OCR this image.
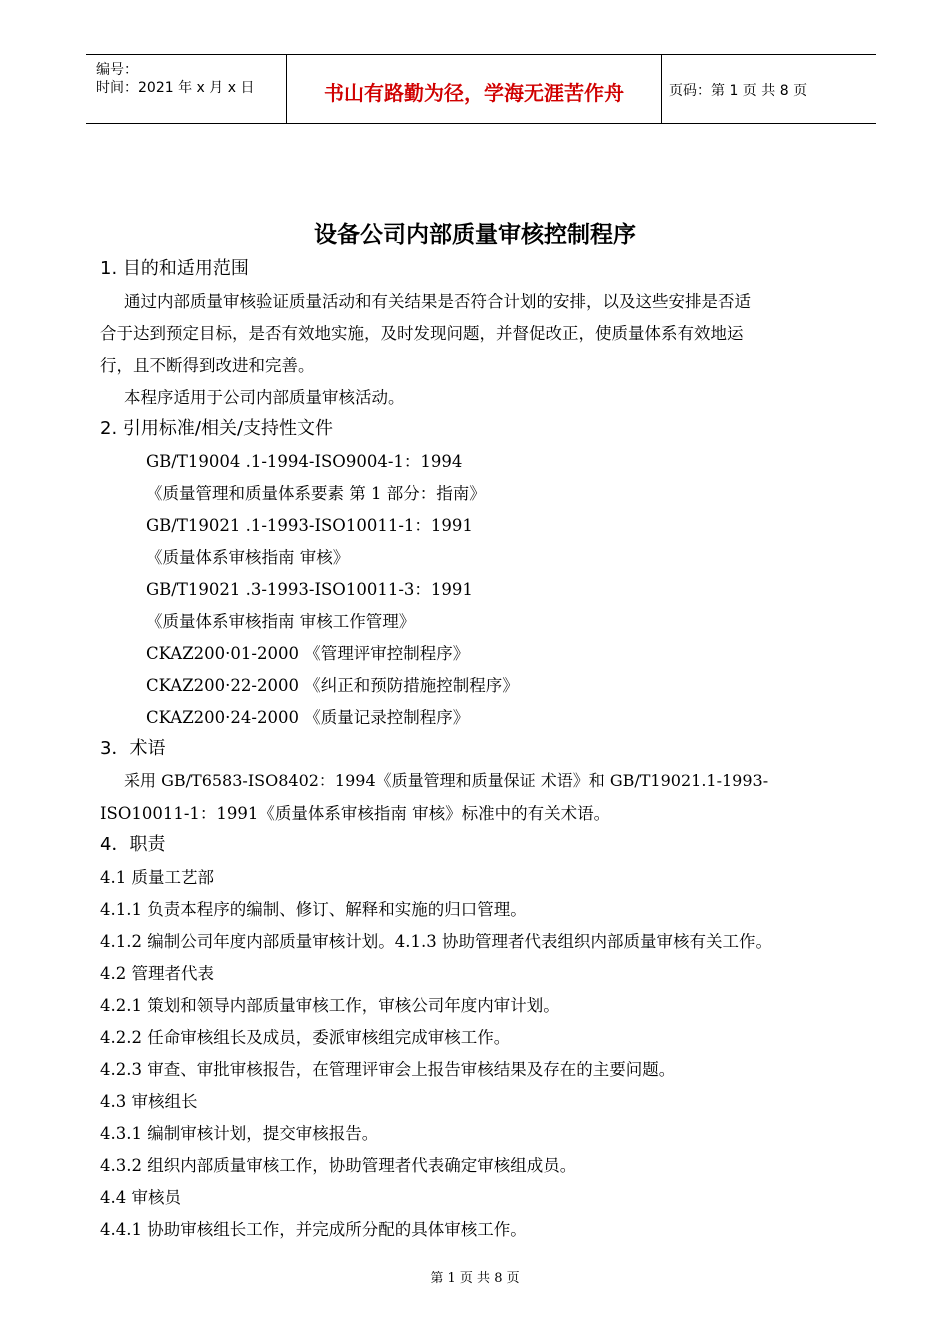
编号：
时间：2021 年 x 月 x 日	书山有路勤为径，学海无涯苦作舟	页码：第 1 页 共 8 页
设备公司内部质量审核控制程序
1. 目的和适用范围
通过内部质量审核验证质量活动和有关结果是否符合计划的安排，以及这些安排是否适
合于达到预定目标，是否有效地实施，及时发现问题，并督促改正，使质量体系有效地运
行，且不断得到改进和完善。
本程序适用于公司内部质量审核活动。
2. 引用标准/相关/支持性文件
GB/T19004 .1-1994-ISO9004-1：1994
《质量管理和质量体系要素 第 1 部分：指南》
GB/T19021 .1-1993-ISO10011-1：1991
《质量体系审核指南 审核》
GB/T19021 .3-1993-ISO10011-3：1991
《质量体系审核指南 审核工作管理》
CKAZ200·01-2000 《管理评审控制程序》
CKAZ200·22-2000 《纠正和预防措施控制程序》
CKAZ200·24-2000 《质量记录控制程序》
3．术语
采用 GB/T6583-ISO8402：1994《质量管理和质量保证 术语》和 GB/T19021.1-1993-
ISO10011-1：1991《质量体系审核指南 审核》标准中的有关术语。
4．职责
4.1 质量工艺部
4.1.1 负责本程序的编制、修订、解释和实施的归口管理。
4.1.2 编制公司年度内部质量审核计划。4.1.3 协助管理者代表组织内部质量审核有关工作。
4.2 管理者代表
4.2.1 策划和领导内部质量审核工作，审核公司年度内审计划。
4.2.2 任命审核组长及成员，委派审核组完成审核工作。
4.2.3 审查、审批审核报告，在管理评审会上报告审核结果及存在的主要问题。
4.3 审核组长
4.3.1 编制审核计划，提交审核报告。
4.3.2 组织内部质量审核工作，协助管理者代表确定审核组成员。
4.4 审核员
4.4.1 协助审核组长工作，并完成所分配的具体审核工作。
第 1 页 共 8 页
